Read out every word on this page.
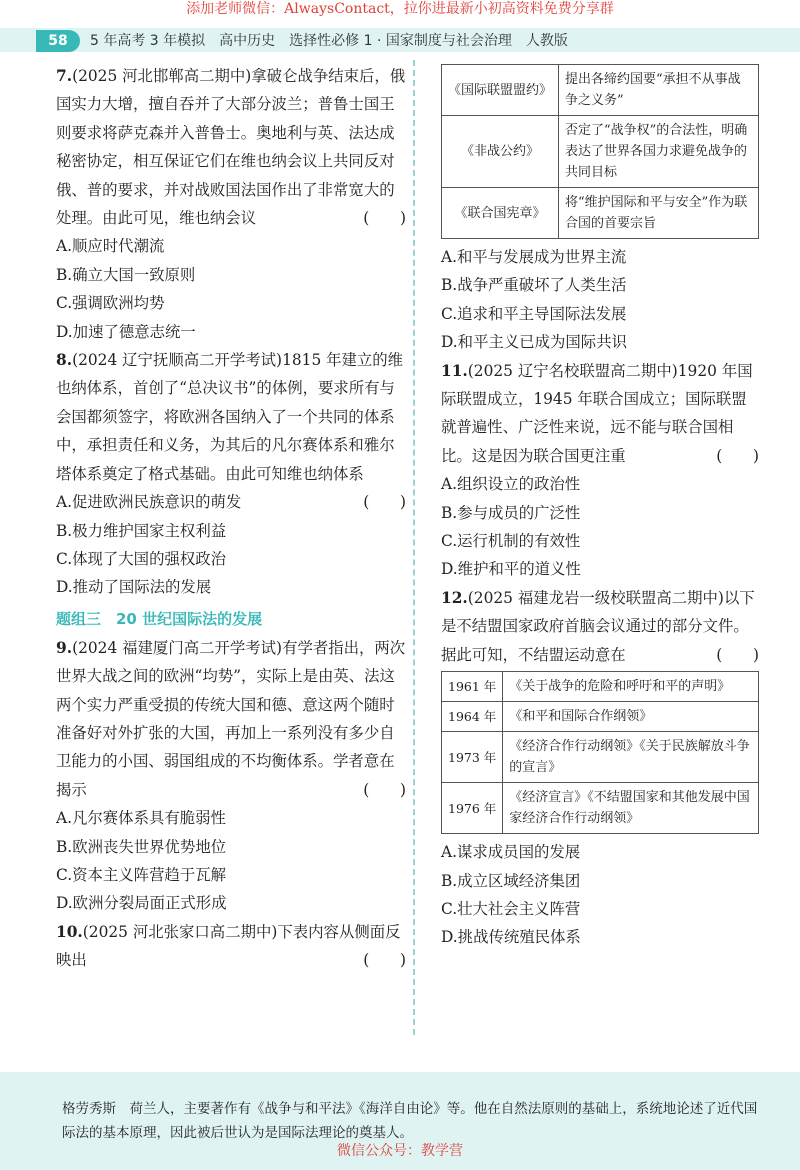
添加老师微信：AlwaysContact，拉你进最新小初高资料免费分享群
58	5 年高考 3 年模拟　高中历史　选择性必修 1 · 国家制度与社会治理　人教版

7.(2025 河北邯郸高二期中)拿破仑战争结束后，俄国实力大增，擅自吞并了大部分波兰；普鲁士国王则要求将萨克森并入普鲁士。奥地利与英、法达成秘密协定，相互保证它们在维也纳会议上共同反对俄、普的要求，并对战败国法国作出了非常宽大的处理。由此可见，维也纳会议	(　　)

A.顺应时代潮流

B.确立大国一致原则

C.强调欧洲均势

D.加速了德意志统一

8.(2024 辽宁抚顺高二开学考试)1815 年建立的维也纳体系，首创了“总决议书”的体例，要求所有与会国都须签字，将欧洲各国纳入了一个共同的体系中，承担责任和义务，为其后的凡尔赛体系和雅尔塔体系奠定了格式基础。由此可知维也纳体系
(　　)

A.促进欧洲民族意识的萌发

B.极力维护国家主权利益

C.体现了大国的强权政治

D.推动了国际法的发展

题组三　20 世纪国际法的发展

9.(2024 福建厦门高二开学考试)有学者指出，两次世界大战之间的欧洲“均势”，实际上是由英、法这两个实力严重受损的传统大国和德、意这两个随时准备好对外扩张的大国，再加上一系列没有多少自卫能力的小国、弱国组成的不均衡体系。学者意在揭示	(　　)

A.凡尔赛体系具有脆弱性

B.欧洲丧失世界优势地位

C.资本主义阵营趋于瓦解

D.欧洲分裂局面正式形成

10.(2025 河北张家口高二期中)下表内容从侧面反映出	(　　)

《国际联盟盟约》	提出各缔约国要“承担不从事战争之义务”
《非战公约》	否定了“战争权”的合法性，明确表达了世界各国力求避免战争的共同目标
《联合国宪章》	将“维护国际和平与安全”作为联合国的首要宗旨

A.和平与发展成为世界主流

B.战争严重破坏了人类生活

C.追求和平主导国际法发展

D.和平主义已成为国际共识

11.(2025 辽宁名校联盟高二期中)1920 年国际联盟成立，1945 年联合国成立；国际联盟就普遍性、广泛性来说，远不能与联合国相比。这是因为联合国更注重	(　　)

A.组织设立的政治性

B.参与成员的广泛性

C.运行机制的有效性

D.维护和平的道义性

12.(2025 福建龙岩一级校联盟高二期中)以下是不结盟国家政府首脑会议通过的部分文件。据此可知，不结盟运动意在	(　　)

1961 年	《关于战争的危险和呼吁和平的声明》
1964 年	《和平和国际合作纲领》
1973 年	《经济合作行动纲领》《关于民族解放斗争的宣言》
1976 年	《经济宣言》《不结盟国家和其他发展中国家经济合作行动纲领》

A.谋求成员国的发展

B.成立区域经济集团

C.壮大社会主义阵营

D.挑战传统殖民体系

格劳秀斯　荷兰人，主要著作有《战争与和平法》《海洋自由论》等。他在自然法原则的基础上，系统地论述了近代国际法的基本原理，因此被后世认为是国际法理论的奠基人。
微信公众号：教学营
